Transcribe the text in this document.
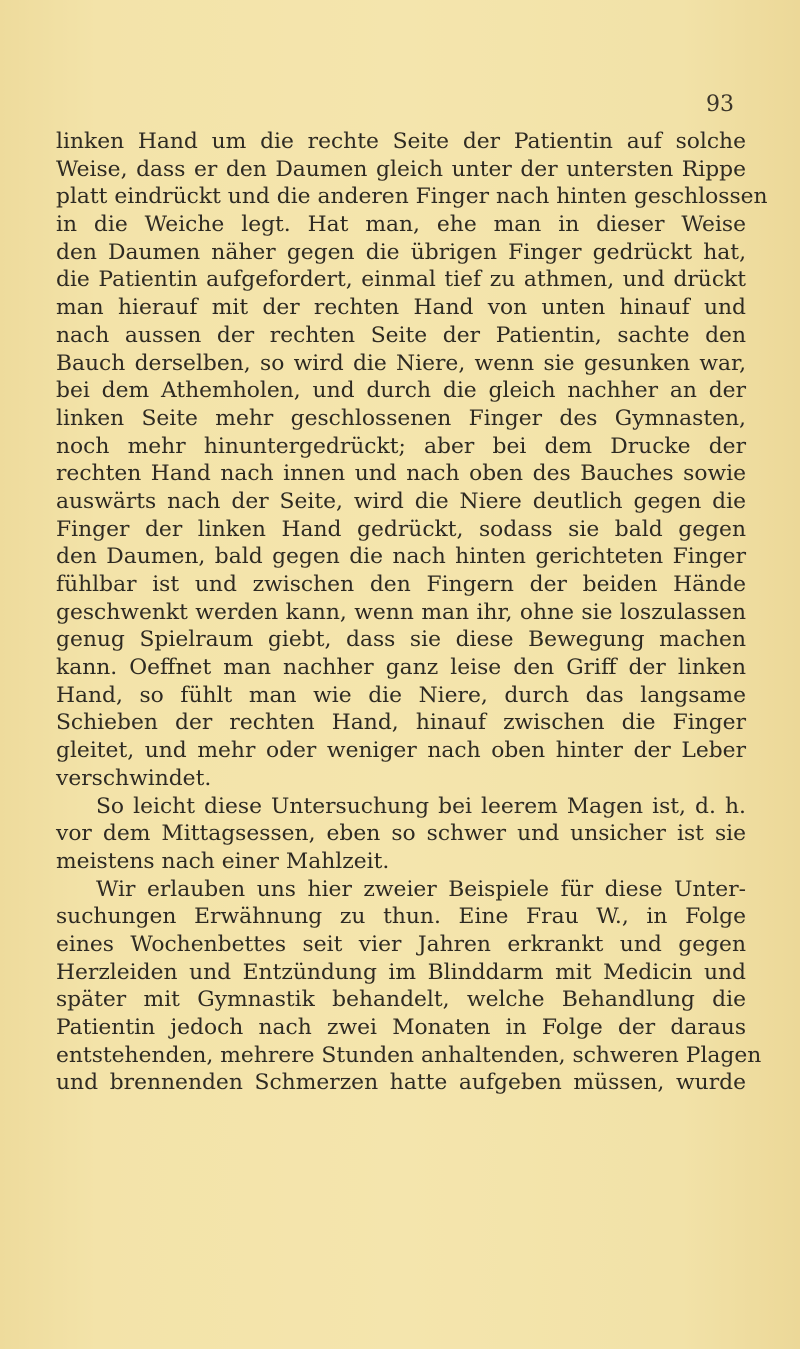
93
linken Hand um die rechte Seite der Patientin auf solche
Weise, dass er den Daumen gleich unter der untersten Rippe
platt eindrückt und die anderen Finger nach hinten geschlossen
in die Weiche legt. Hat man, ehe man in dieser Weise
den Daumen näher gegen die übrigen Finger gedrückt hat,
die Patientin aufgefordert, einmal tief zu athmen, und drückt
man hierauf mit der rechten Hand von unten hinauf und
nach aussen der rechten Seite der Patientin, sachte den
Bauch derselben, so wird die Niere, wenn sie gesunken war,
bei dem Athemholen, und durch die gleich nachher an der
linken Seite mehr geschlossenen Finger des Gymnasten,
noch mehr hinuntergedrückt; aber bei dem Drucke der
rechten Hand nach innen und nach oben des Bauches sowie
auswärts nach der Seite, wird die Niere deutlich gegen die
Finger der linken Hand gedrückt, sodass sie bald gegen
den Daumen, bald gegen die nach hinten gerichteten Finger
fühlbar ist und zwischen den Fingern der beiden Hände
geschwenkt werden kann, wenn man ihr, ohne sie loszulassen
genug Spielraum giebt, dass sie diese Bewegung machen
kann. Oeffnet man nachher ganz leise den Griff der linken
Hand, so fühlt man wie die Niere, durch das langsame
Schieben der rechten Hand, hinauf zwischen die Finger
gleitet, und mehr oder weniger nach oben hinter der Leber
verschwindet.
So leicht diese Untersuchung bei leerem Magen ist, d. h.
vor dem Mittagsessen, eben so schwer und unsicher ist sie
meistens nach einer Mahlzeit.
Wir erlauben uns hier zweier Beispiele für diese Unter-
suchungen Erwähnung zu thun. Eine Frau W., in Folge
eines Wochenbettes seit vier Jahren erkrankt und gegen
Herzleiden und Entzündung im Blinddarm mit Medicin und
später mit Gymnastik behandelt, welche Behandlung die
Patientin jedoch nach zwei Monaten in Folge der daraus
entstehenden, mehrere Stunden anhaltenden, schweren Plagen
und brennenden Schmerzen hatte aufgeben müssen, wurde
